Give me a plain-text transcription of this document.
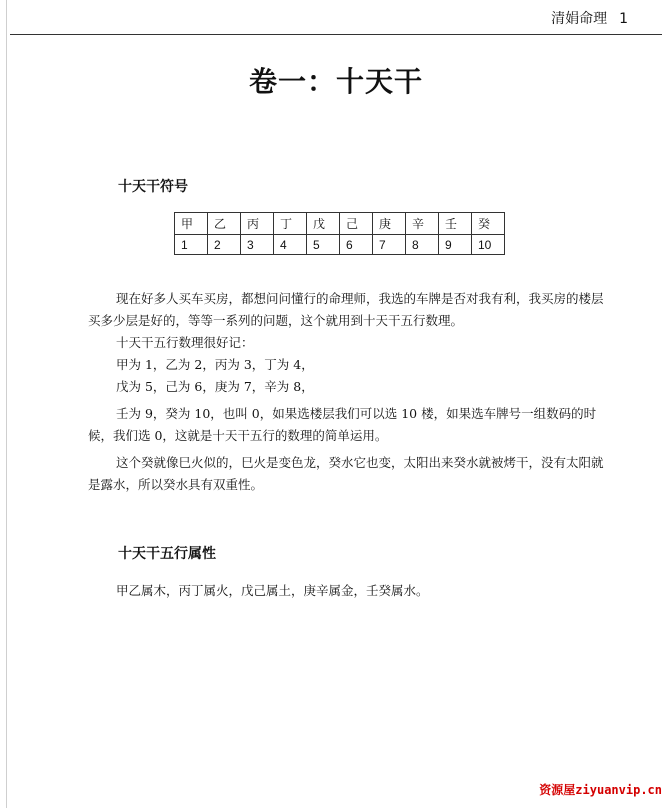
清娟命理 1
卷一：十天干
十天干符号
甲	乙	丙	丁	戊	己	庚	辛	壬	癸
1	2	3	4	5	6	7	8	9	10

现在好多人买车买房，都想问问懂行的命理师，我选的车牌是否对我有利，我买房的楼层买多少层是好的，等等一系列的问题，这个就用到十天干五行数理。

十天干五行数理很好记：

甲为 1，乙为 2，丙为 3，丁为 4，

戊为 5，己为 6，庚为 7，辛为 8，

壬为 9，癸为 10，也叫 0，如果选楼层我们可以选 10 楼，如果选车牌号一组数码的时候，我们选 0，这就是十天干五行的数理的简单运用。

这个癸就像巳火似的，巳火是变色龙，癸水它也变，太阳出来癸水就被烤干，没有太阳就是露水，所以癸水具有双重性。

十天干五行属性

甲乙属木，丙丁属火，戊己属土，庚辛属金，壬癸属水。

资源屋ziyuanvip.cn
